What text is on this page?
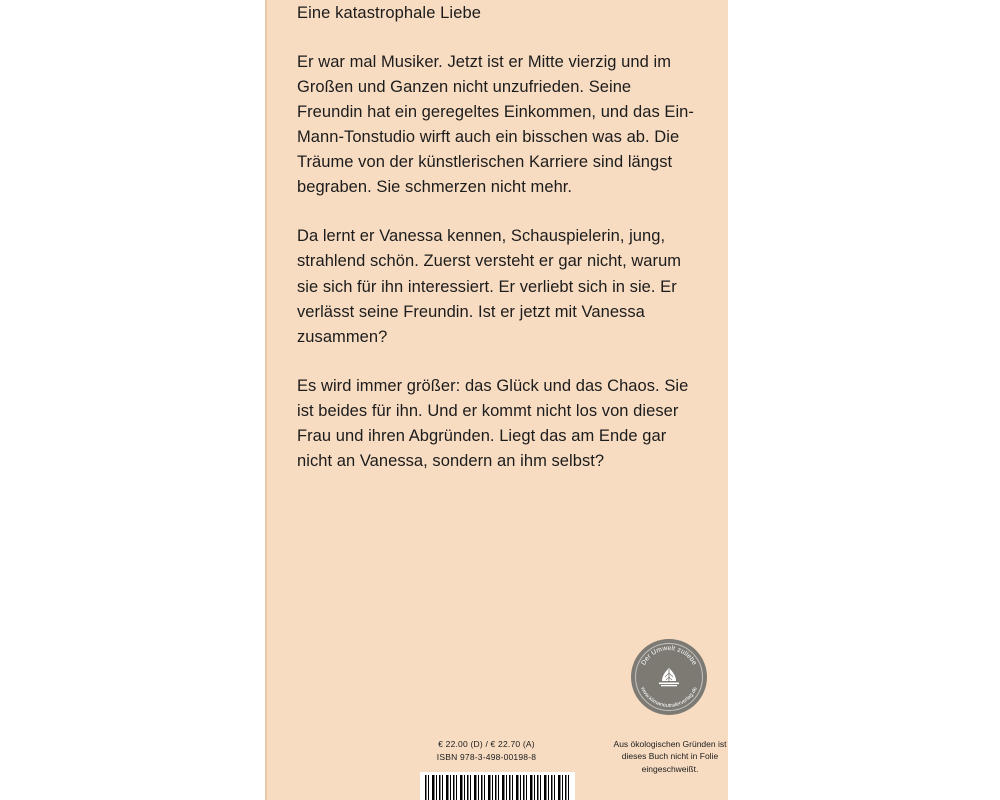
Eine katastrophale Liebe

Er war mal Musiker. Jetzt ist er Mitte vierzig und im Großen und Ganzen nicht unzufrieden. Seine Freundin hat ein geregeltes Einkommen, und das Ein-Mann-Tonstudio wirft auch ein bisschen was ab. Die Träume von der künstlerischen Karriere sind längst begraben. Sie schmerzen nicht mehr.

Da lernt er Vanessa kennen, Schauspielerin, jung, strahlend schön. Zuerst versteht er gar nicht, warum sie sich für ihn interessiert. Er verliebt sich in sie. Er verlässt seine Freundin. Ist er jetzt mit Vanessa zusammen?

Es wird immer größer: das Glück und das Chaos. Sie ist beides für ihn. Und er kommt nicht los von dieser Frau und ihren Abgründen. Liegt das am Ende gar nicht an Vanessa, sondern an ihm selbst?

Der Umwelt zuliebe
www.klimaneutralerverlag.de
Aus ökologischen Gründen ist dieses Buch nicht in Folie eingeschweißt.
€ 22.00 (D) / € 22.70 (A)
ISBN 978-3-498-00198-8
